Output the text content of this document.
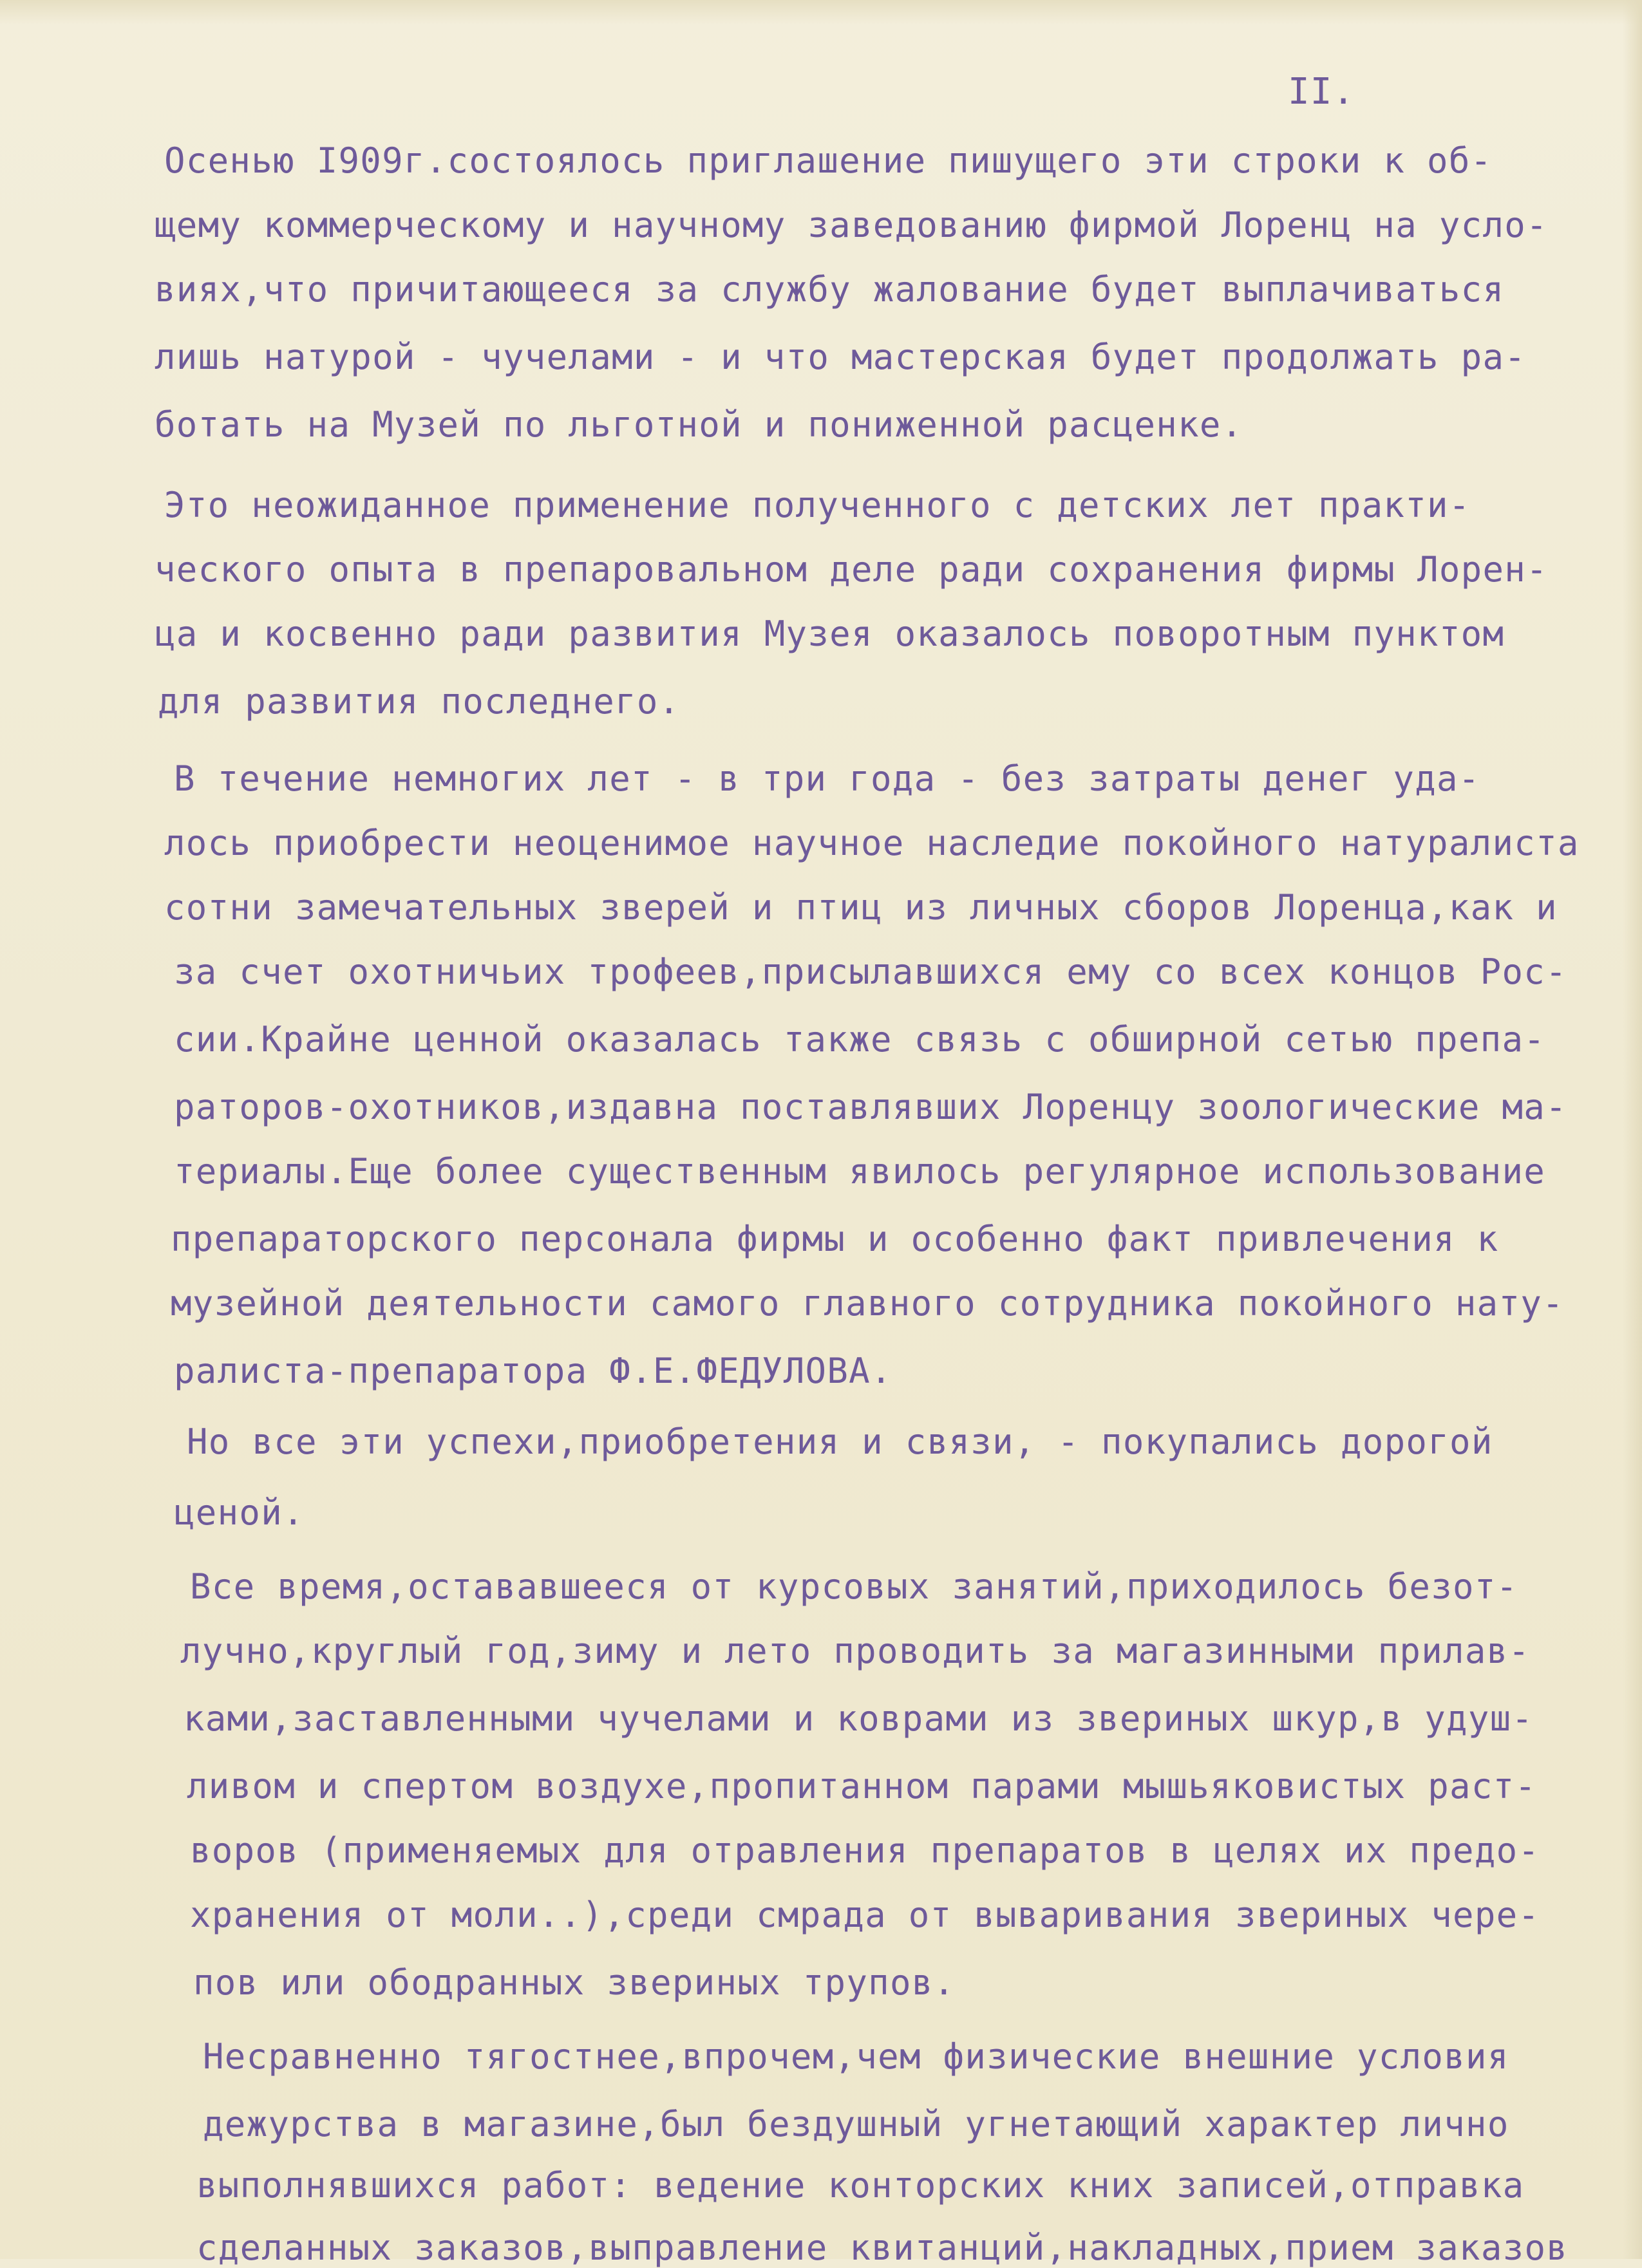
II.
Осенью I909г.состоялось приглашение пишущего эти строки к об-
щему коммерческому и научному заведованию фирмой Лоренц на усло-
виях,что причитающееся за службу жалование будет выплачиваться
лишь натурой - чучелами - и что мастерская будет продолжать ра-
ботать на Музей по льготной и пониженной расценке.
Это неожиданное применение полученного с детских лет практи-
ческого опыта в препаровальном деле ради сохранения фирмы Лорен-
ца и косвенно ради развития Музея оказалось поворотным пунктом
для развития последнего.
В течение немногих лет - в три года - без затраты денег уда-
лось приобрести неоценимое научное наследие покойного натуралиста
сотни замечательных зверей и птиц из личных сборов Лоренца,как и
за счет охотничьих трофеев,присылавшихся ему со всех концов Рос-
сии.Крайне ценной оказалась также связь с обширной сетью препа-
раторов-охотников,издавна поставлявших Лоренцу зоологические ма-
териалы.Еще более существенным явилось регулярное использование
препараторского персонала фирмы и особенно факт привлечения к
музейной деятельности самого главного сотрудника покойного нату-
ралиста-препаратора Ф.Е.ФЕДУЛОВА.
Но все эти успехи,приобретения и связи, - покупались дорогой
ценой.
Все время,остававшееся от курсовых занятий,приходилось безот-
лучно,круглый год,зиму и лето проводить за магазинными прилав-
ками,заставленными чучелами и коврами из звериных шкур,в удуш-
ливом и спертом воздухе,пропитанном парами мышьяковистых раст-
воров (применяемых для отравления препаратов в целях их предо-
хранения от моли..),среди смрада от вываривания звериных чере-
пов или ободранных звериных трупов.
Несравненно тягостнее,впрочем,чем физические внешние условия
дежурства в магазине,был бездушный угнетающий характер лично
выполнявшихся работ: ведение конторских кних записей,отправка
сделанных заказов,выправление квитанций,накладных,прием заказов
